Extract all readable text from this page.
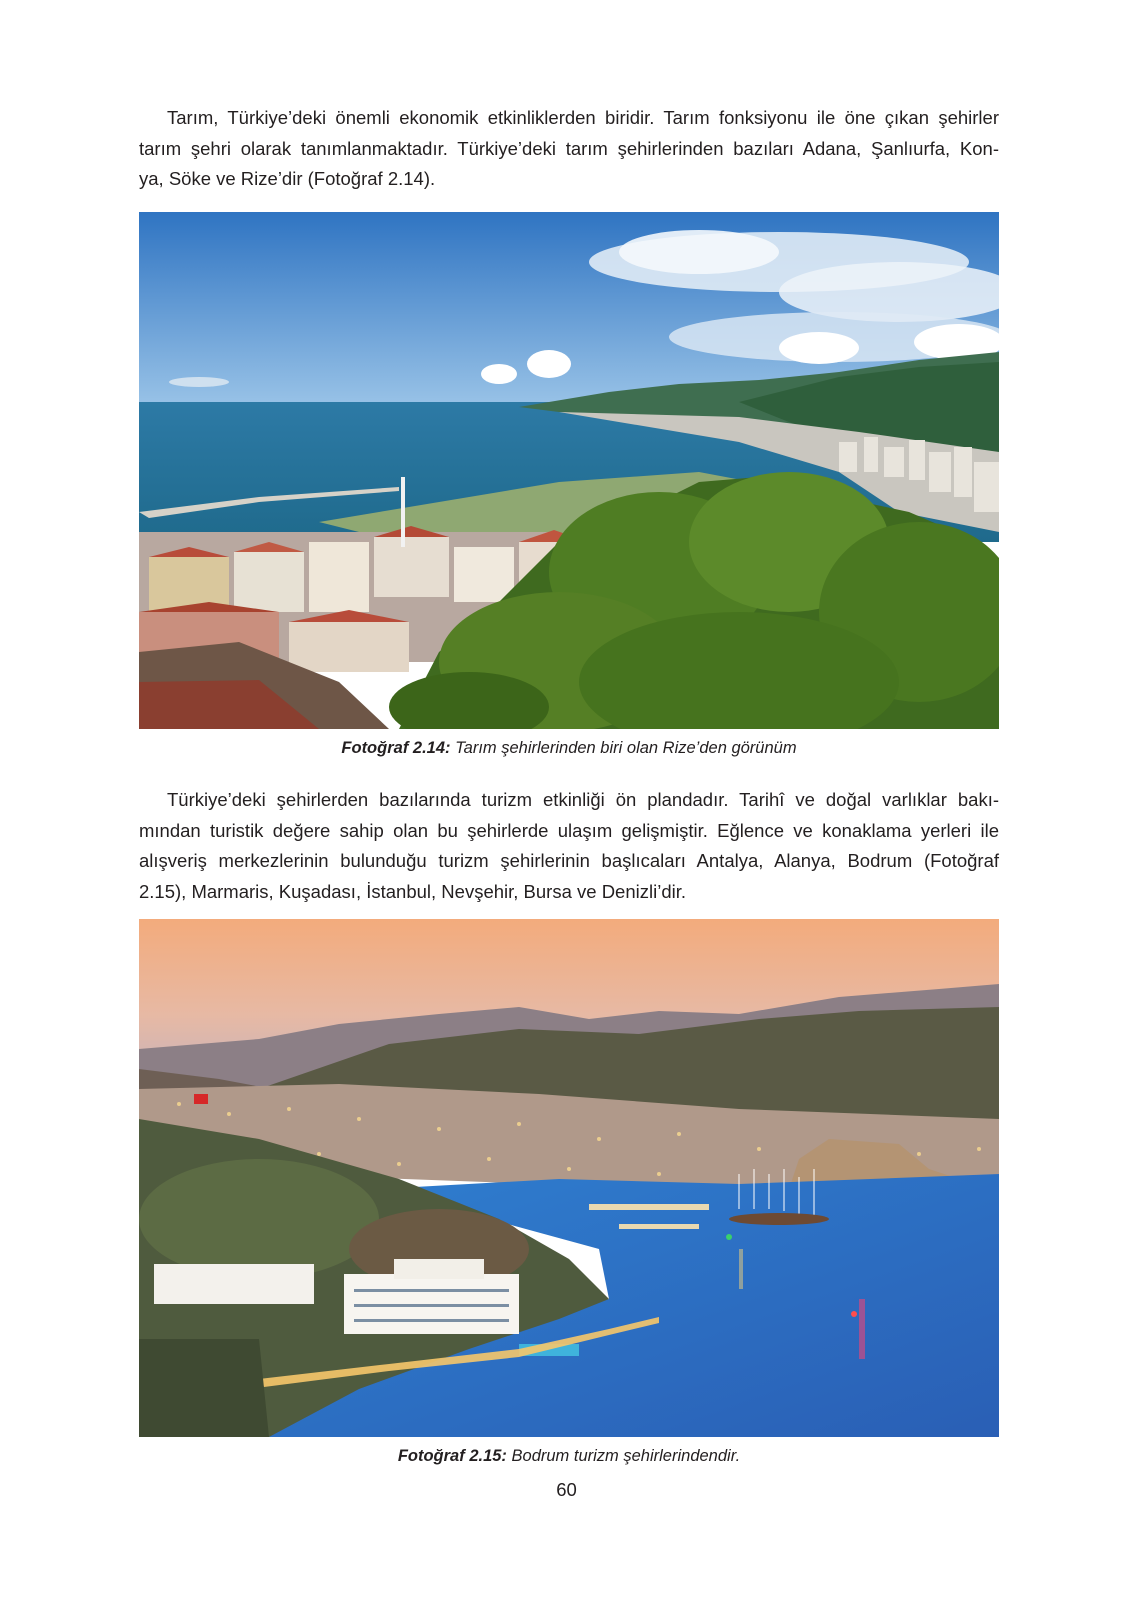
Tarım, Türkiye’deki önemli ekonomik etkinliklerden biridir. Tarım fonksiyonu ile öne çıkan şehirler
tarım şehri olarak tanımlanmaktadır. Türkiye’deki tarım şehirlerinden bazıları Adana, Şanlıurfa, Kon-
ya, Söke ve Rize’dir (Fotoğraf 2.14).
Fotoğraf 2.14: Tarım şehirlerinden biri olan Rize’den görünüm
Türkiye’deki şehirlerden bazılarında turizm etkinliği ön plandadır. Tarihî ve doğal varlıklar bakı-
mından turistik değere sahip olan bu şehirlerde ulaşım gelişmiştir. Eğlence ve konaklama yerleri ile
alışveriş merkezlerinin bulunduğu turizm şehirlerinin başlıcaları Antalya, Alanya, Bodrum (Fotoğraf
2.15), Marmaris, Kuşadası, İstanbul, Nevşehir, Bursa ve Denizli’dir.
Fotoğraf 2.15: Bodrum turizm şehirlerindendir.
60
